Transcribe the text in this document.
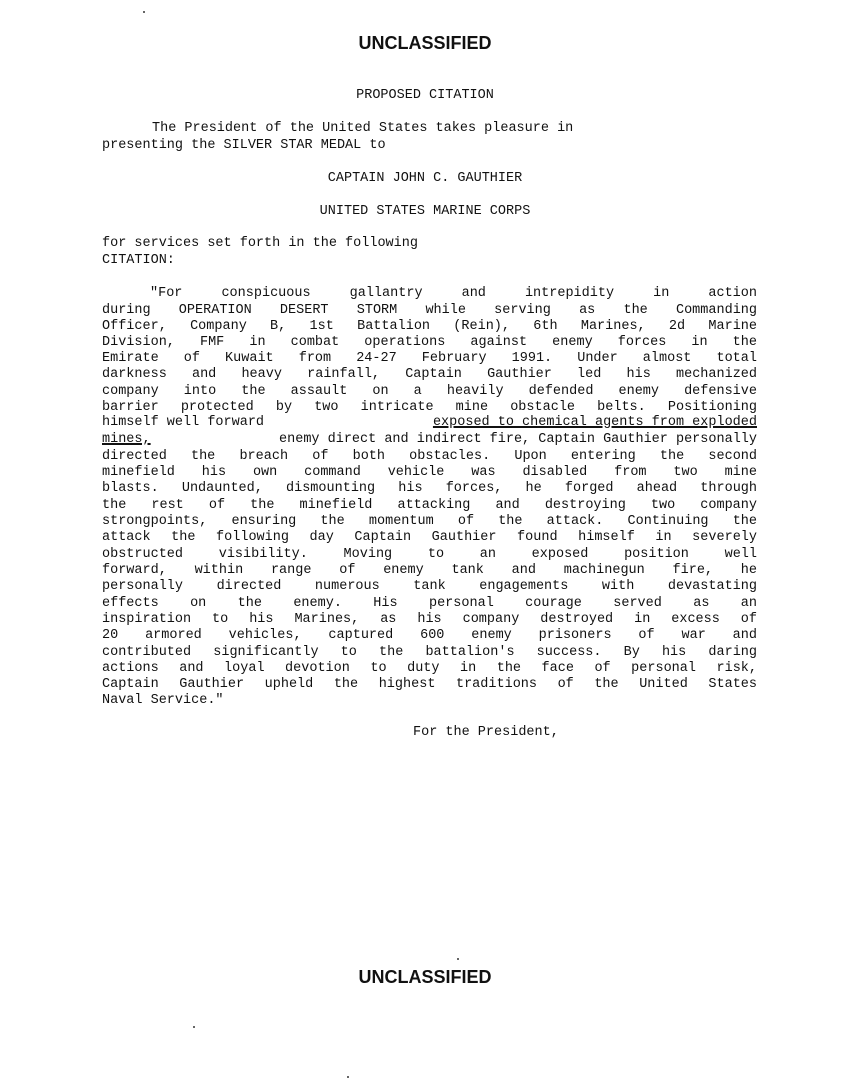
UNCLASSIFIED
PROPOSED CITATION
The President of the United States takes pleasure in
presenting the SILVER STAR MEDAL to
CAPTAIN JOHN C. GAUTHIER
UNITED STATES MARINE CORPS
for services set forth in the following
CITATION:
"For conspicuous gallantry and intrepidity in action
during OPERATION DESERT STORM while serving as the Commanding
Officer, Company B, 1st Battalion (Rein), 6th Marines, 2d Marine
Division, FMF in combat operations against enemy forces in the
Emirate of Kuwait from 24-27 February 1991. Under almost total
darkness and heavy rainfall, Captain Gauthier led his mechanized
company into the assault on a heavily defended enemy defensive
barrier protected by two intricate mine obstacle belts. Positioning
himself well forward	exposed to chemical agents from exploded
mines,	enemy direct and indirect fire, Captain Gauthier personally
directed the breach of both obstacles. Upon entering the second
minefield his own command vehicle was disabled from two mine
blasts. Undaunted, dismounting his forces, he forged ahead through
the rest of the minefield attacking and destroying two company
strongpoints, ensuring the momentum of the attack. Continuing the
attack the following day Captain Gauthier found himself in severely
obstructed visibility. Moving to an exposed position well
forward, within range of enemy tank and machinegun fire, he
personally directed numerous tank engagements with devastating
effects on the enemy. His personal courage served as an
inspiration to his Marines, as his company destroyed in excess of
20 armored vehicles, captured 600 enemy prisoners of war and
contributed significantly to the battalion's success. By his daring
actions and loyal devotion to duty in the face of personal risk,
Captain Gauthier upheld the highest traditions of the United States
Naval Service."
For the President,
UNCLASSIFIED
